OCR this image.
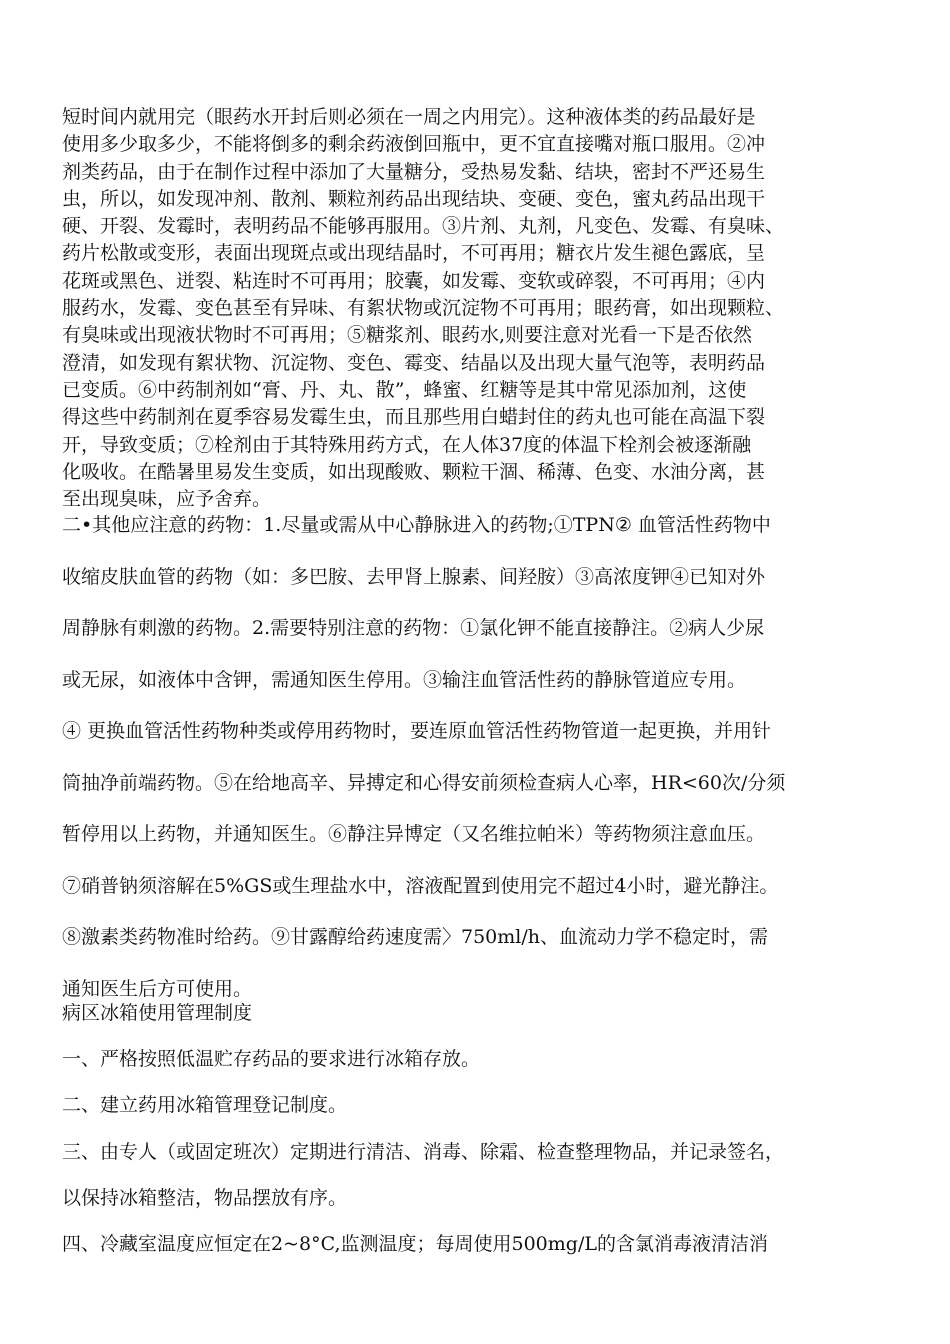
短时间内就用完（眼药水开封后则必须在一周之内用完）。这种液体类的药品最好是
使用多少取多少，不能将倒多的剩余药液倒回瓶中，更不宜直接嘴对瓶口服用。②冲
剂类药品，由于在制作过程中添加了大量糖分，受热易发黏、结块，密封不严还易生
虫，所以，如发现冲剂、散剂、颗粒剂药品出现结块、变硬、变色，蜜丸药品出现干
硬、开裂、发霉时，表明药品不能够再服用。③片剂、丸剂，凡变色、发霉、有臭味、
药片松散或变形，表面出现斑点或出现结晶时，不可再用；糖衣片发生褪色露底，呈
花斑或黑色、迸裂、粘连时不可再用；胶囊，如发霉、变软或碎裂，不可再用；④内
服药水，发霉、变色甚至有异味、有絮状物或沉淀物不可再用；眼药膏，如出现颗粒、
有臭味或出现液状物时不可再用；⑤糖浆剂、眼药水,则要注意对光看一下是否依然
澄清，如发现有絮状物、沉淀物、变色、霉变、结晶以及出现大量气泡等，表明药品
已变质。⑥中药制剂如“膏、丹、丸、散”，蜂蜜、红糖等是其中常见添加剂，这使
得这些中药制剂在夏季容易发霉生虫，而且那些用白蜡封住的药丸也可能在高温下裂
开，导致变质；⑦栓剂由于其特殊用药方式，在人体37度的体温下栓剂会被逐渐融
化吸收。在酷暑里易发生变质，如出现酸败、颗粒干涸、稀薄、色变、水油分离，甚
至出现臭味，应予舍弃。
二•其他应注意的药物：1.尽量或需从中心静脉进入的药物;①TPN② 血管活性药物中
收缩皮肤血管的药物（如：多巴胺、去甲肾上腺素、间羟胺）③高浓度钾④已知对外
周静脉有刺激的药物。2.需要特别注意的药物：①氯化钾不能直接静注。②病人少尿
或无尿，如液体中含钾，需通知医生停用。③输注血管活性药的静脉管道应专用。
④ 更换血管活性药物种类或停用药物时，要连原血管活性药物管道一起更换，并用针
筒抽净前端药物。⑤在给地高辛、异搏定和心得安前须检查病人心率，HR<60次/分须
暂停用以上药物，并通知医生。⑥静注异博定（又名维拉帕米）等药物须注意血压。
⑦硝普钠须溶解在5%GS或生理盐水中，溶液配置到使用完不超过4小时，避光静注。
⑧激素类药物准时给药。⑨甘露醇给药速度需〉750ml/h、血流动力学不稳定时，需
通知医生后方可使用。
病区冰箱使用管理制度
一、严格按照低温贮存药品的要求进行冰箱存放。
二、建立药用冰箱管理登记制度。
三、由专人（或固定班次）定期进行清洁、消毒、除霜、检查整理物品，并记录签名，
以保持冰箱整洁，物品摆放有序。
四、冷藏室温度应恒定在2~8°C,监测温度；每周使用500mg/L的含氯消毒液清洁消
